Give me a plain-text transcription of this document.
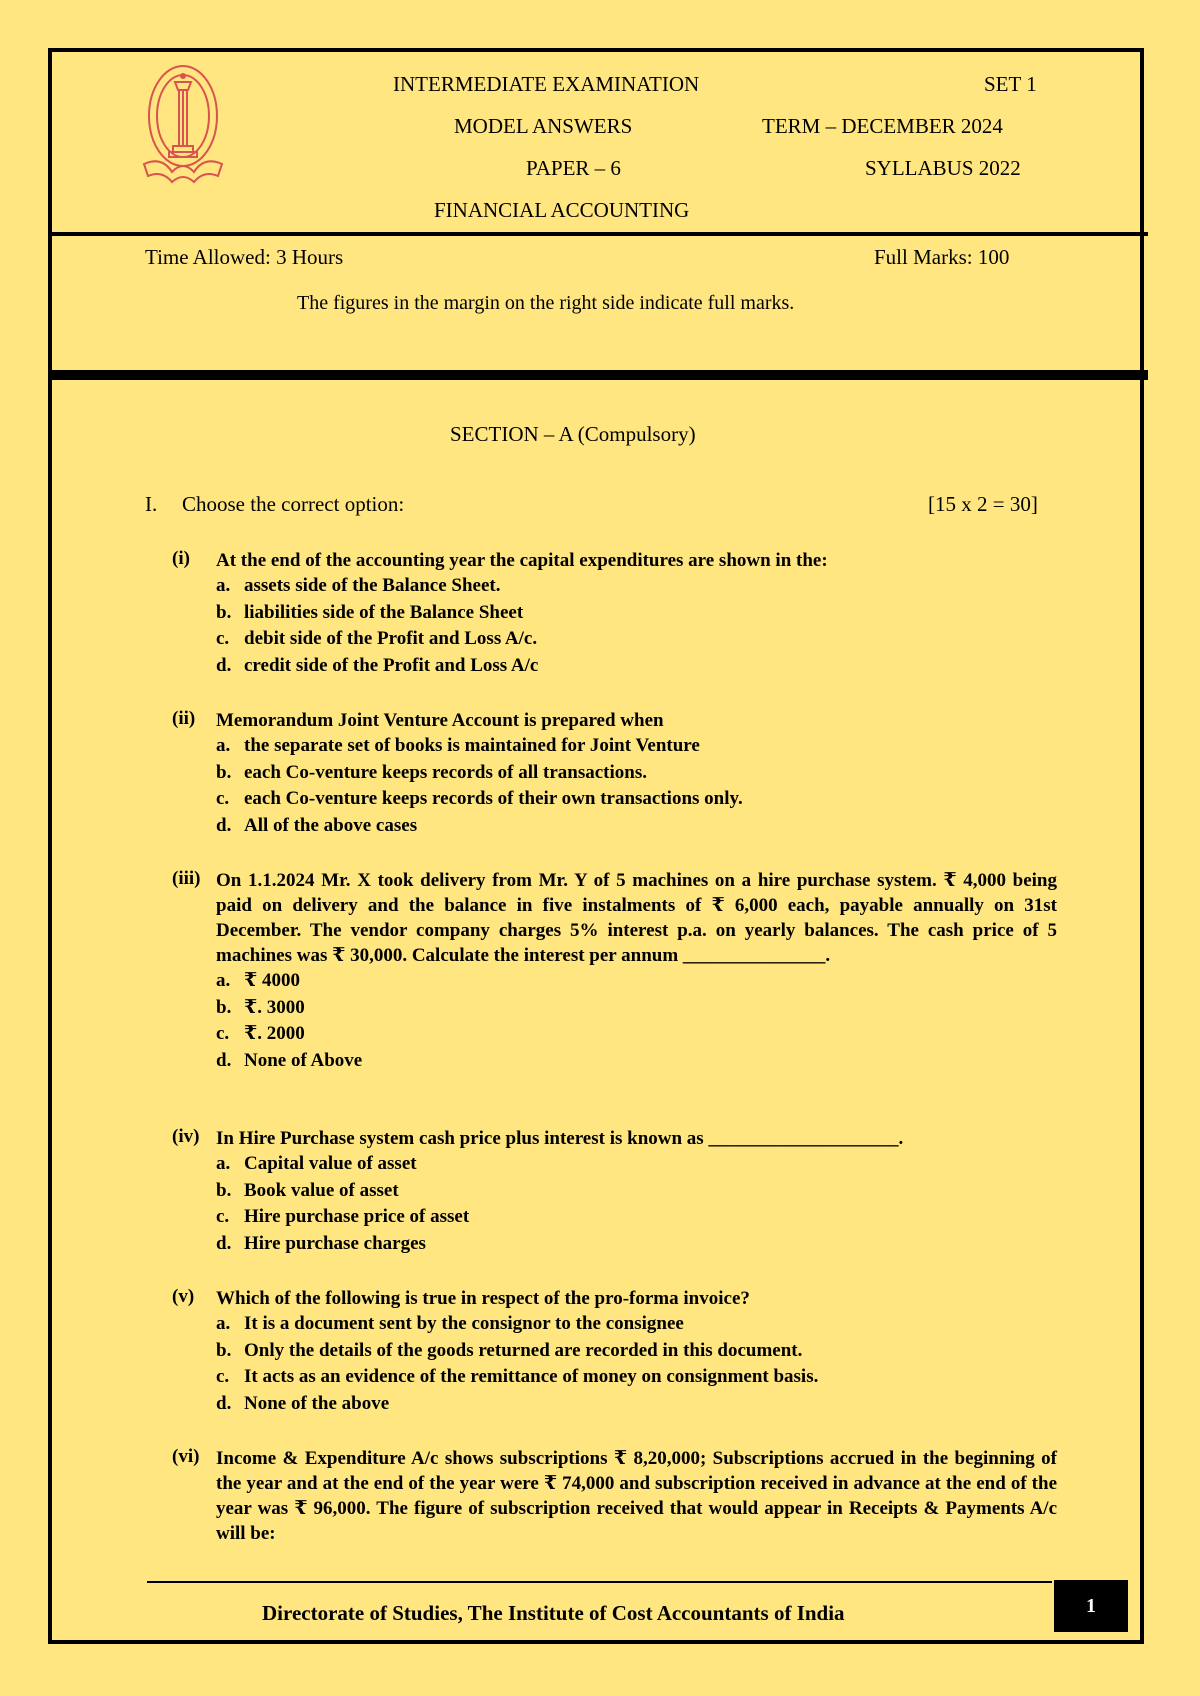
INTERMEDIATE EXAMINATION	SET 1
MODEL ANSWERS	TERM – DECEMBER 2024
PAPER – 6	SYLLABUS 2022
FINANCIAL ACCOUNTING
Time Allowed: 3 Hours	Full Marks: 100
The figures in the margin on the right side indicate full marks.
SECTION – A (Compulsory)
I. Choose the correct option:	[15 x 2 = 30]
(i)	At the end of the accounting year the capital expenditures are shown in the:
a. assets side of the Balance Sheet.
b. liabilities side of the Balance Sheet
c. debit side of the Profit and Loss A/c.
d. credit side of the Profit and Loss A/c
(ii)	Memorandum Joint Venture Account is prepared when
a. the separate set of books is maintained for Joint Venture
b. each Co-venture keeps records of all transactions.
c. each Co-venture keeps records of their own transactions only.
d. All of the above cases
(iii) On 1.1.2024 Mr. X took delivery from Mr. Y of 5 machines on a hire purchase system. ₹ 4,000 being paid on delivery and the balance in five instalments of ₹ 6,000 each, payable annually on 31st December. The vendor company charges 5% interest p.a. on yearly balances. The cash price of 5 machines was ₹ 30,000. Calculate the interest per annum _______________.
a. ₹ 4000
b. ₹. 3000
c. ₹. 2000
d. None of Above
(iv) In Hire Purchase system cash price plus interest is known as ____________________.
a. Capital value of asset
b. Book value of asset
c. Hire purchase price of asset
d. Hire purchase charges
(v)	Which of the following is true in respect of the pro-forma invoice?
a. It is a document sent by the consignor to the consignee
b. Only the details of the goods returned are recorded in this document.
c. It acts as an evidence of the remittance of money on consignment basis.
d. None of the above
(vi) Income & Expenditure A/c shows subscriptions ₹ 8,20,000; Subscriptions accrued in the beginning of the year and at the end of the year were ₹ 74,000 and subscription received in advance at the end of the year was ₹ 96,000. The figure of subscription received that would appear in Receipts & Payments A/c will be:
Directorate of Studies, The Institute of Cost Accountants of India	1
